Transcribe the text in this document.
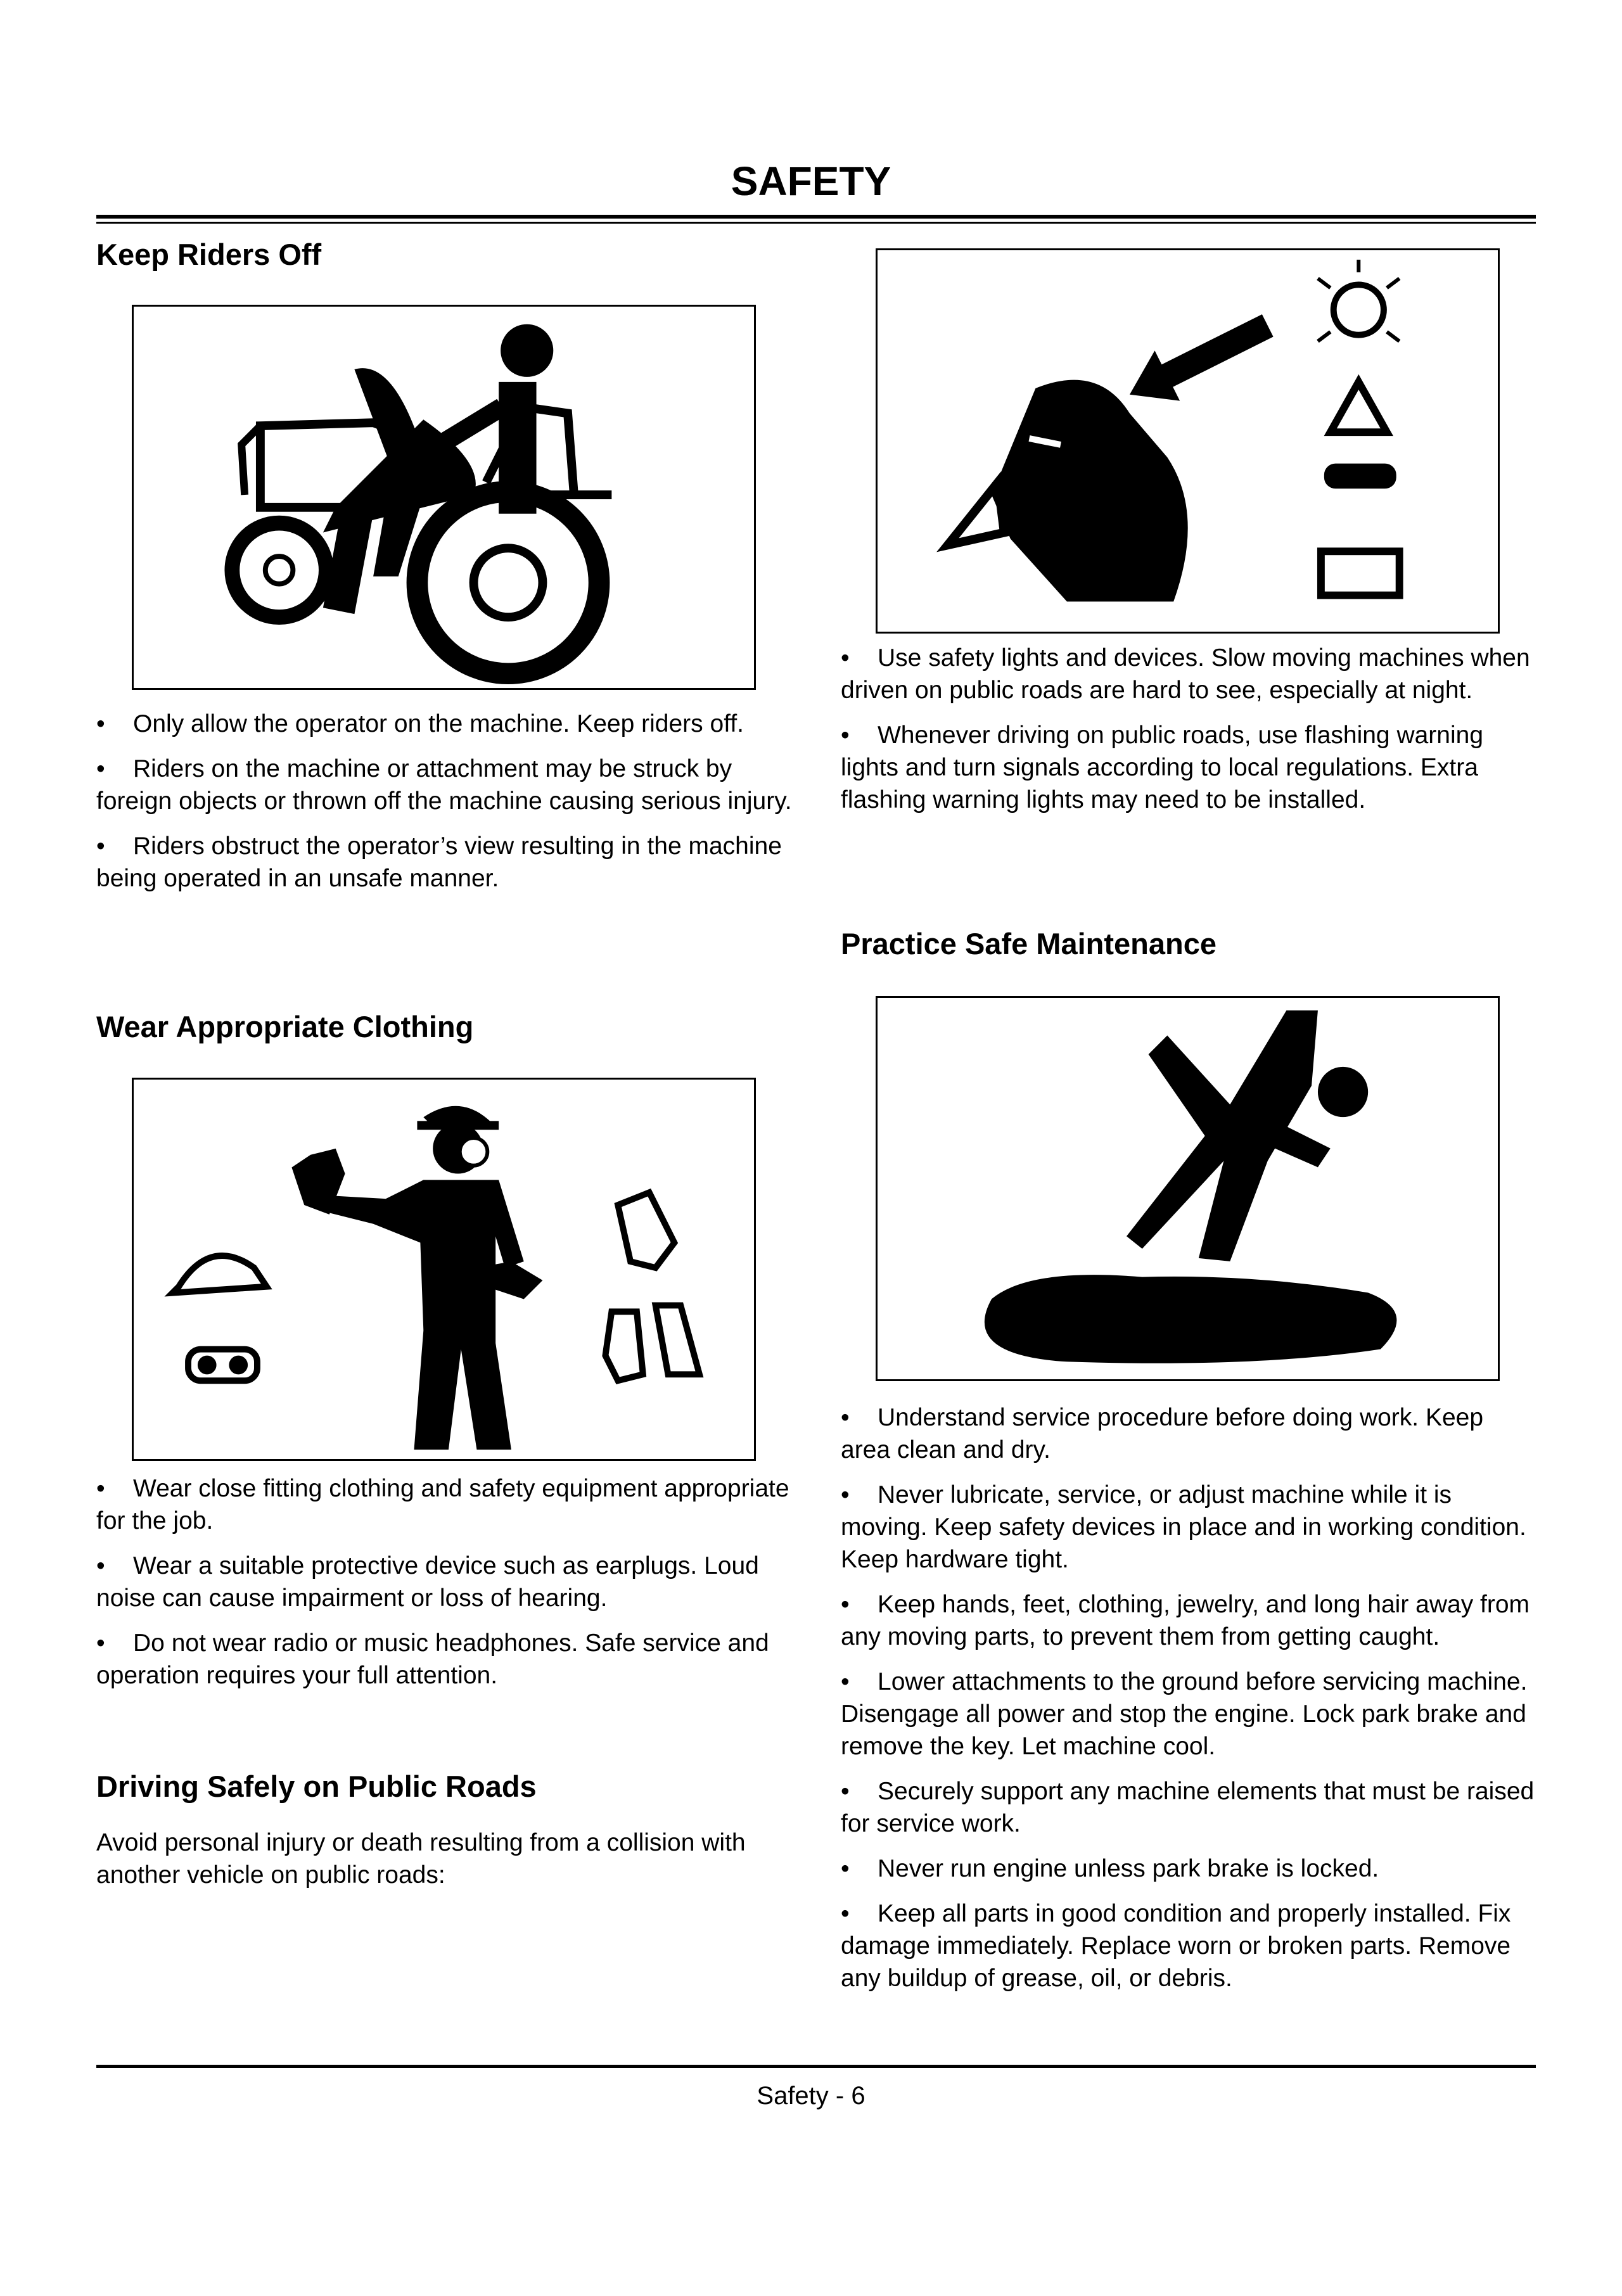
SAFETY
Keep Riders Off
• Only allow the operator on the machine. Keep riders off.
• Riders on the machine or attachment may be struck by foreign objects or thrown off the machine causing serious injury.
• Riders obstruct the operator’s view resulting in the machine being operated in an unsafe manner.
Wear Appropriate Clothing
• Wear close fitting clothing and safety equipment appropriate for the job.
• Wear a suitable protective device such as earplugs. Loud noise can cause impairment or loss of hearing.
• Do not wear radio or music headphones. Safe service and operation requires your full attention.
Driving Safely on Public Roads

Avoid personal injury or death resulting from a collision with another vehicle on public roads:

• Use safety lights and devices. Slow moving machines when driven on public roads are hard to see, especially at night.
• Whenever driving on public roads, use flashing warning lights and turn signals according to local regulations. Extra flashing warning lights may need to be installed.
Practice Safe Maintenance
• Understand service procedure before doing work. Keep area clean and dry.
• Never lubricate, service, or adjust machine while it is moving. Keep safety devices in place and in working condition. Keep hardware tight.
• Keep hands, feet, clothing, jewelry, and long hair away from any moving parts, to prevent them from getting caught.
• Lower attachments to the ground before servicing machine. Disengage all power and stop the engine. Lock park brake and remove the key. Let machine cool.
• Securely support any machine elements that must be raised for service work.
• Never run engine unless park brake is locked.
• Keep all parts in good condition and properly installed. Fix damage immediately. Replace worn or broken parts. Remove any buildup of grease, oil, or debris.
Safety - 6
